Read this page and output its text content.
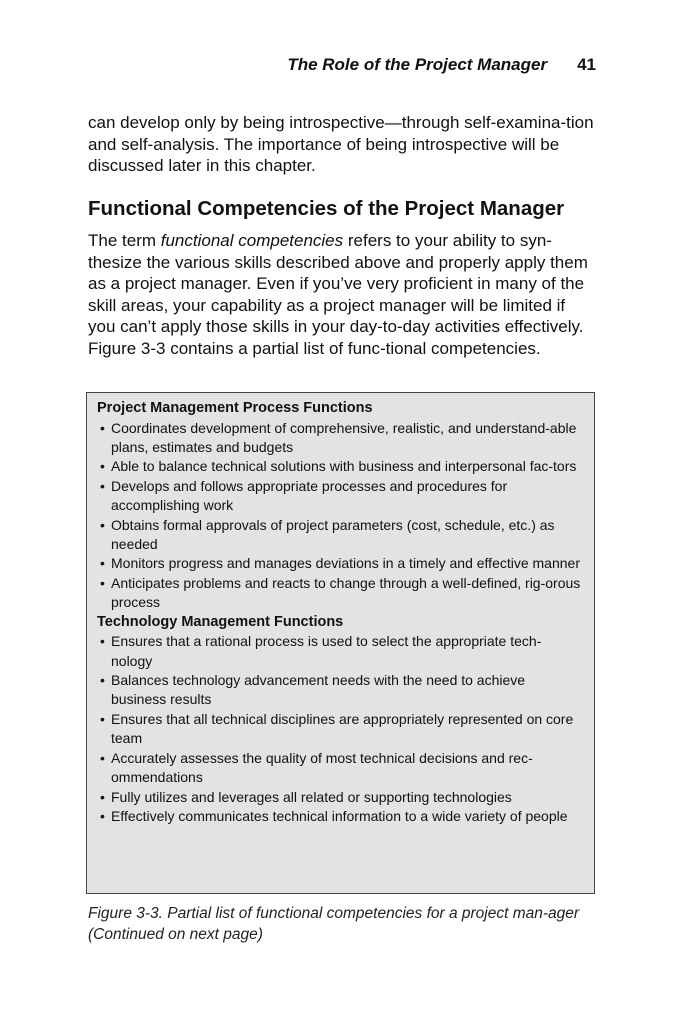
The Role of the Project Manager 41

can develop only by being introspective—through self-examina-tion and self-analysis. The importance of being introspective will be discussed later in this chapter.

Functional Competencies of the Project Manager

The term functional competencies refers to your ability to syn-thesize the various skills described above and properly apply them as a project manager. Even if you’ve very proficient in many of the skill areas, your capability as a project manager will be limited if you can’t apply those skills in your day-to-day activities effectively. Figure 3-3 contains a partial list of func-tional competencies.

Project Management Process Functions
• Coordinates development of comprehensive, realistic, and understand-able plans, estimates and budgets
• Able to balance technical solutions with business and interpersonal fac-tors
• Develops and follows appropriate processes and procedures for accomplishing work
• Obtains formal approvals of project parameters (cost, schedule, etc.) as needed
• Monitors progress and manages deviations in a timely and effective manner
• Anticipates problems and reacts to change through a well-defined, rig-orous process
Technology Management Functions
• Ensures that a rational process is used to select the appropriate tech-nology
• Balances technology advancement needs with the need to achieve business results
• Ensures that all technical disciplines are appropriately represented on core team
• Accurately assesses the quality of most technical decisions and rec-ommendations
• Fully utilizes and leverages all related or supporting technologies
• Effectively communicates technical information to a wide variety of people

Figure 3-3. Partial list of functional competencies for a project man-ager (Continued on next page)
